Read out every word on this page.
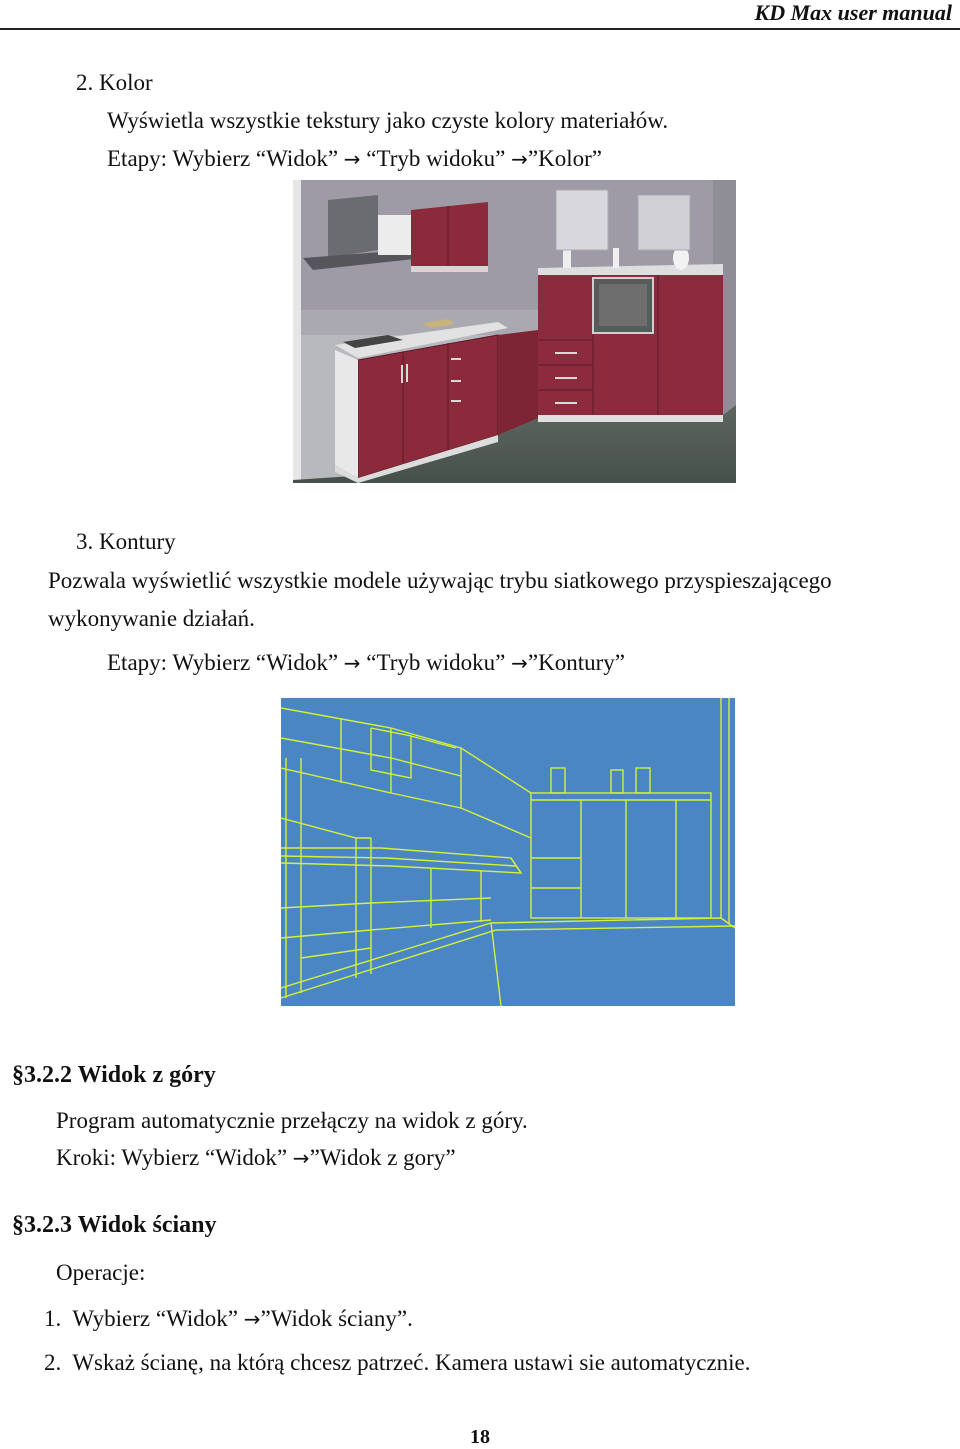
KD Max user manual
2. Kolor
Wyświetla wszystkie tekstury jako czyste kolory materiałów.
Etapy: Wybierz “Widok” → “Tryb widoku” →”Kolor”
3. Kontury
Pozwala wyświetlić wszystkie modele używając trybu siatkowego przyspieszającego
wykonywanie działań.
Etapy: Wybierz “Widok” → “Tryb widoku” →”Kontury”
§3.2.2 Widok z góry
Program automatycznie przełączy na widok z góry.
Kroki: Wybierz “Widok” →”Widok z gory”
§3.2.3 Widok ściany
Operacje:
1. Wybierz “Widok” →”Widok ściany”.
2. Wskaż ścianę, na którą chcesz patrzeć. Kamera ustawi sie automatycznie.
18
